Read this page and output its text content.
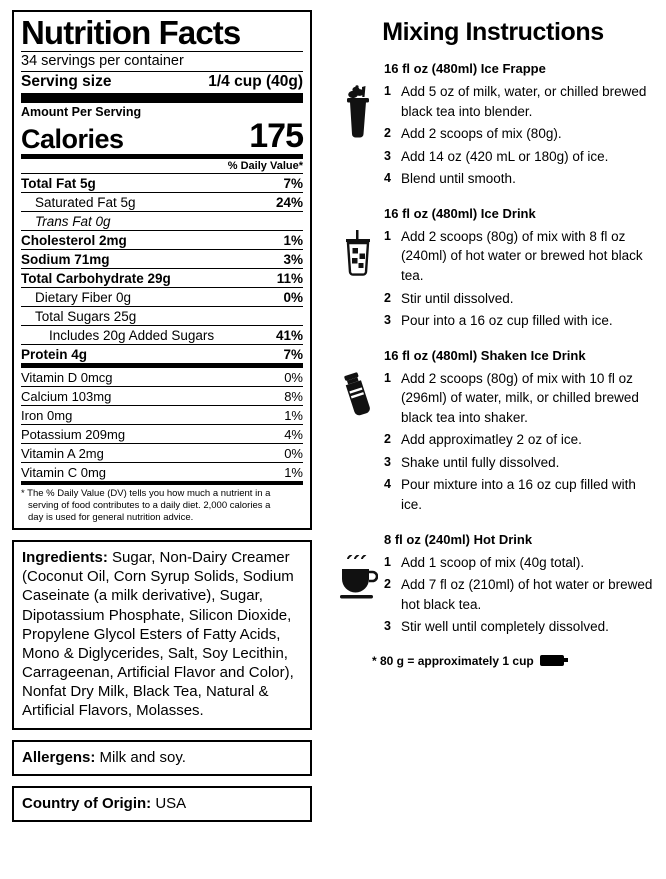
Nutrition Facts
34 servings per container
Serving size	1/4 cup (40g)
Amount Per Serving
Calories	175
% Daily Value*
Total Fat 5g	7%
Saturated Fat 5g	24%
Trans Fat 0g
Cholesterol 2mg	1%
Sodium 71mg	3%
Total Carbohydrate 29g	11%
Dietary Fiber 0g	0%
Total Sugars 25g
Includes 20g Added Sugars	41%
Protein 4g	7%
Vitamin D 0mcg	0%
Calcium 103mg	8%
Iron 0mg	1%
Potassium 209mg	4%
Vitamin A 2mg	0%
Vitamin C 0mg	1%
* The % Daily Value (DV) tells you how much a nutrient in a
serving of food contributes to a daily diet. 2,000 calories a
day is used for general nutrition advice.
Ingredients: Sugar, Non-Dairy Creamer (Coconut Oil, Corn Syrup Solids, Sodium Caseinate (a milk derivative), Sugar, Dipotassium Phosphate, Silicon Dioxide, Propylene Glycol Esters of Fatty Acids, Mono & Diglycerides, Salt, Soy Lecithin, Carrageenan, Artificial Flavor and Color), Nonfat Dry Milk, Black Tea, Natural & Artificial Flavors, Molasses.
Allergens: Milk and soy.
Country of Origin: USA
Mixing Instructions
16 fl oz (480ml) Ice Frappe
1 Add 5 oz of milk, water, or chilled brewed black tea into blender.
2 Add 2 scoops of mix (80g).
3 Add 14 oz (420 mL or 180g) of ice.
4 Blend until smooth.
16 fl oz (480ml) Ice Drink
1 Add 2 scoops (80g) of mix with 8 fl oz (240ml) of hot water or brewed hot black tea.
2 Stir until dissolved.
3 Pour into a 16 oz cup filled with ice.
16 fl oz (480ml) Shaken Ice Drink
1 Add 2 scoops (80g) of mix with 10 fl oz (296ml) of water, milk, or chilled brewed black tea into shaker.
2 Add approximatley 2 oz of ice.
3 Shake until fully dissolved.
4 Pour mixture into a 16 oz cup filled with ice.
8 fl oz (240ml) Hot Drink
1 Add 1 scoop of mix (40g total).
2 Add 7 fl oz (210ml) of hot water or brewed hot black tea.
3 Stir well until completely dissolved.
* 80 g = approximately 1 cup
